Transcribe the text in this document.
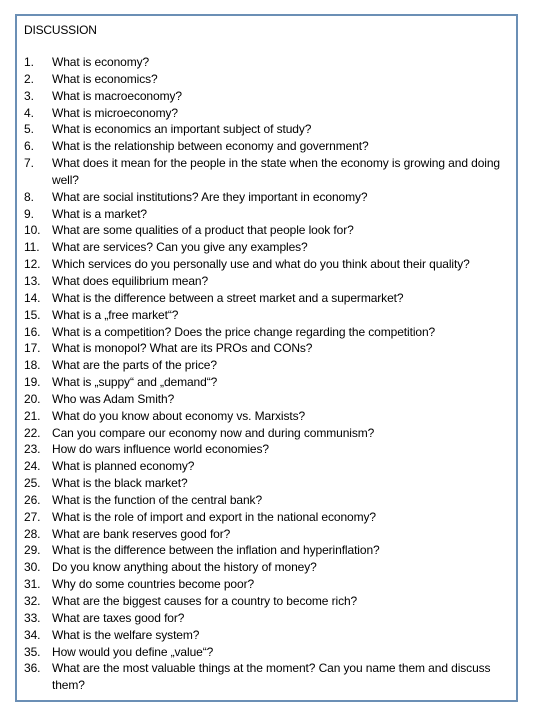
DISCUSSION
1. What is economy?
2. What is economics?
3. What is macroeconomy?
4. What is microeconomy?
5. What is economics an important subject of study?
6. What is the relationship between economy and government?
7. What does it mean for the people in the state when the economy is growing and doing well?
8. What are social institutions? Are they important in economy?
9. What is a market?
10. What are some qualities of a product that people look for?
11. What are services? Can you give any examples?
12. Which services do you personally use and what do you think about their quality?
13. What does equilibrium mean?
14. What is the difference between a street market and a supermarket?
15. What is a „free market“?
16. What is a competition? Does the price change regarding the competition?
17. What is monopol? What are its PROs and CONs?
18. What are the parts of the price?
19. What is „suppy“ and „demand“?
20. Who was Adam Smith?
21. What do you know about economy vs. Marxists?
22. Can you compare our economy now and during communism?
23. How do wars influence world economies?
24. What is planned economy?
25. What is the black market?
26. What is the function of the central bank?
27. What is the role of import and export in the national economy?
28. What are bank reserves good for?
29. What is the difference between the inflation and hyperinflation?
30. Do you know anything about the history of money?
31. Why do some countries become poor?
32. What are the biggest causes for a country to become rich?
33. What are taxes good for?
34. What is the welfare system?
35. How would you define „value“?
36. What are the most valuable things at the moment? Can you name them and discuss them?
